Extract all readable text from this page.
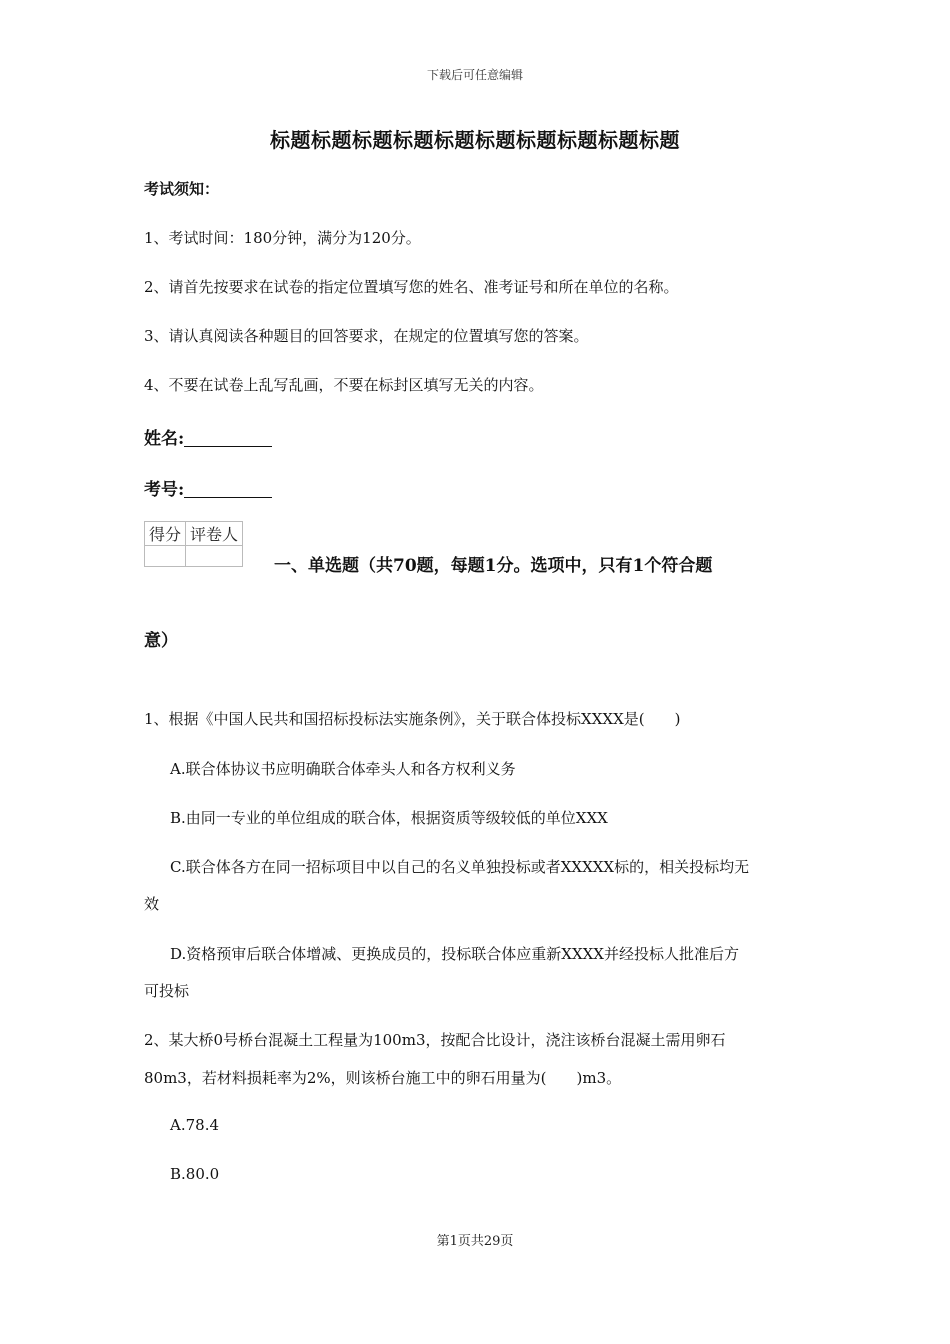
下载后可任意编辑
标题标题标题标题标题标题标题标题标题标题
考试须知：
1、考试时间：180分钟，满分为120分。
2、请首先按要求在试卷的指定位置填写您的姓名、准考证号和所在单位的名称。
3、请认真阅读各种题目的回答要求，在规定的位置填写您的答案。
4、不要在试卷上乱写乱画，不要在标封区填写无关的内容。
姓名:
考号:
得分	评卷人

一、单选题（共70题，每题1分。选项中，只有1个符合题
意）
1、根据《中国人民共和国招标投标法实施条例》，关于联合体投标XXXX是(　　)
A.联合体协议书应明确联合体牵头人和各方权利义务
B.由同一专业的单位组成的联合体，根据资质等级较低的单位XXX
C.联合体各方在同一招标项目中以自己的名义单独投标或者XXXXX标的，相关投标均无
效
D.资格预审后联合体增减、更换成员的，投标联合体应重新XXXX并经投标人批准后方
可投标
2、某大桥0号桥台混凝土工程量为100m3，按配合比设计，浇注该桥台混凝土需用卵石
80m3，若材料损耗率为2%，则该桥台施工中的卵石用量为(　　)m3。
A.78.4
B.80.0
第1页共29页
